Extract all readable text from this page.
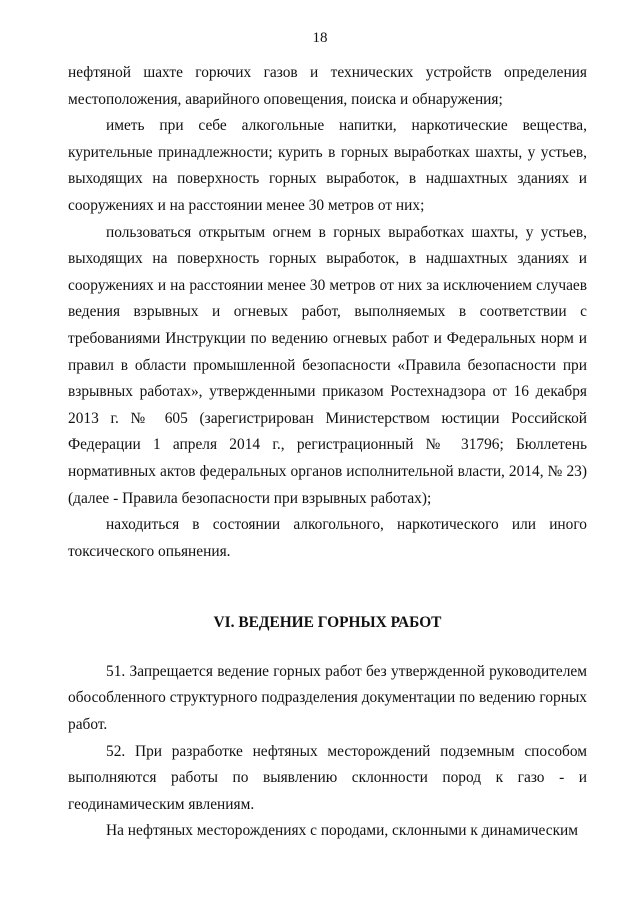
18

нефтяной шахте горючих газов и технических устройств определения местоположения, аварийного оповещения, поиска и обнаружения;

иметь при себе алкогольные напитки, наркотические вещества, курительные принадлежности; курить в горных выработках шахты, у устьев, выходящих на поверхность горных выработок, в надшахтных зданиях и сооружениях и на расстоянии менее 30 метров от них;

пользоваться открытым огнем в горных выработках шахты, у устьев, выходящих на поверхность горных выработок, в надшахтных зданиях и сооружениях и на расстоянии менее 30 метров от них за исключением случаев ведения взрывных и огневых работ, выполняемых в соответствии с требованиями Инструкции по ведению огневых работ и Федеральных норм и правил в области промышленной безопасности «Правила безопасности при взрывных работах», утвержденными приказом Ростехнадзора от 16 декабря 2013 г. № 605 (зарегистрирован Министерством юстиции Российской Федерации 1 апреля 2014 г., регистрационный № 31796; Бюллетень нормативных актов федеральных органов исполнительной власти, 2014, № 23) (далее - Правила безопасности при взрывных работах);

находиться в состоянии алкогольного, наркотического или иного токсического опьянения.

VI. ВЕДЕНИЕ ГОРНЫХ РАБОТ

51. Запрещается ведение горных работ без утвержденной руководителем обособленного структурного подразделения документации по ведению горных работ.

52. При разработке нефтяных месторождений подземным способом выполняются работы по выявлению склонности пород к газо - и геодинамическим явлениям.

На нефтяных месторождениях с породами, склонными к динамическим
